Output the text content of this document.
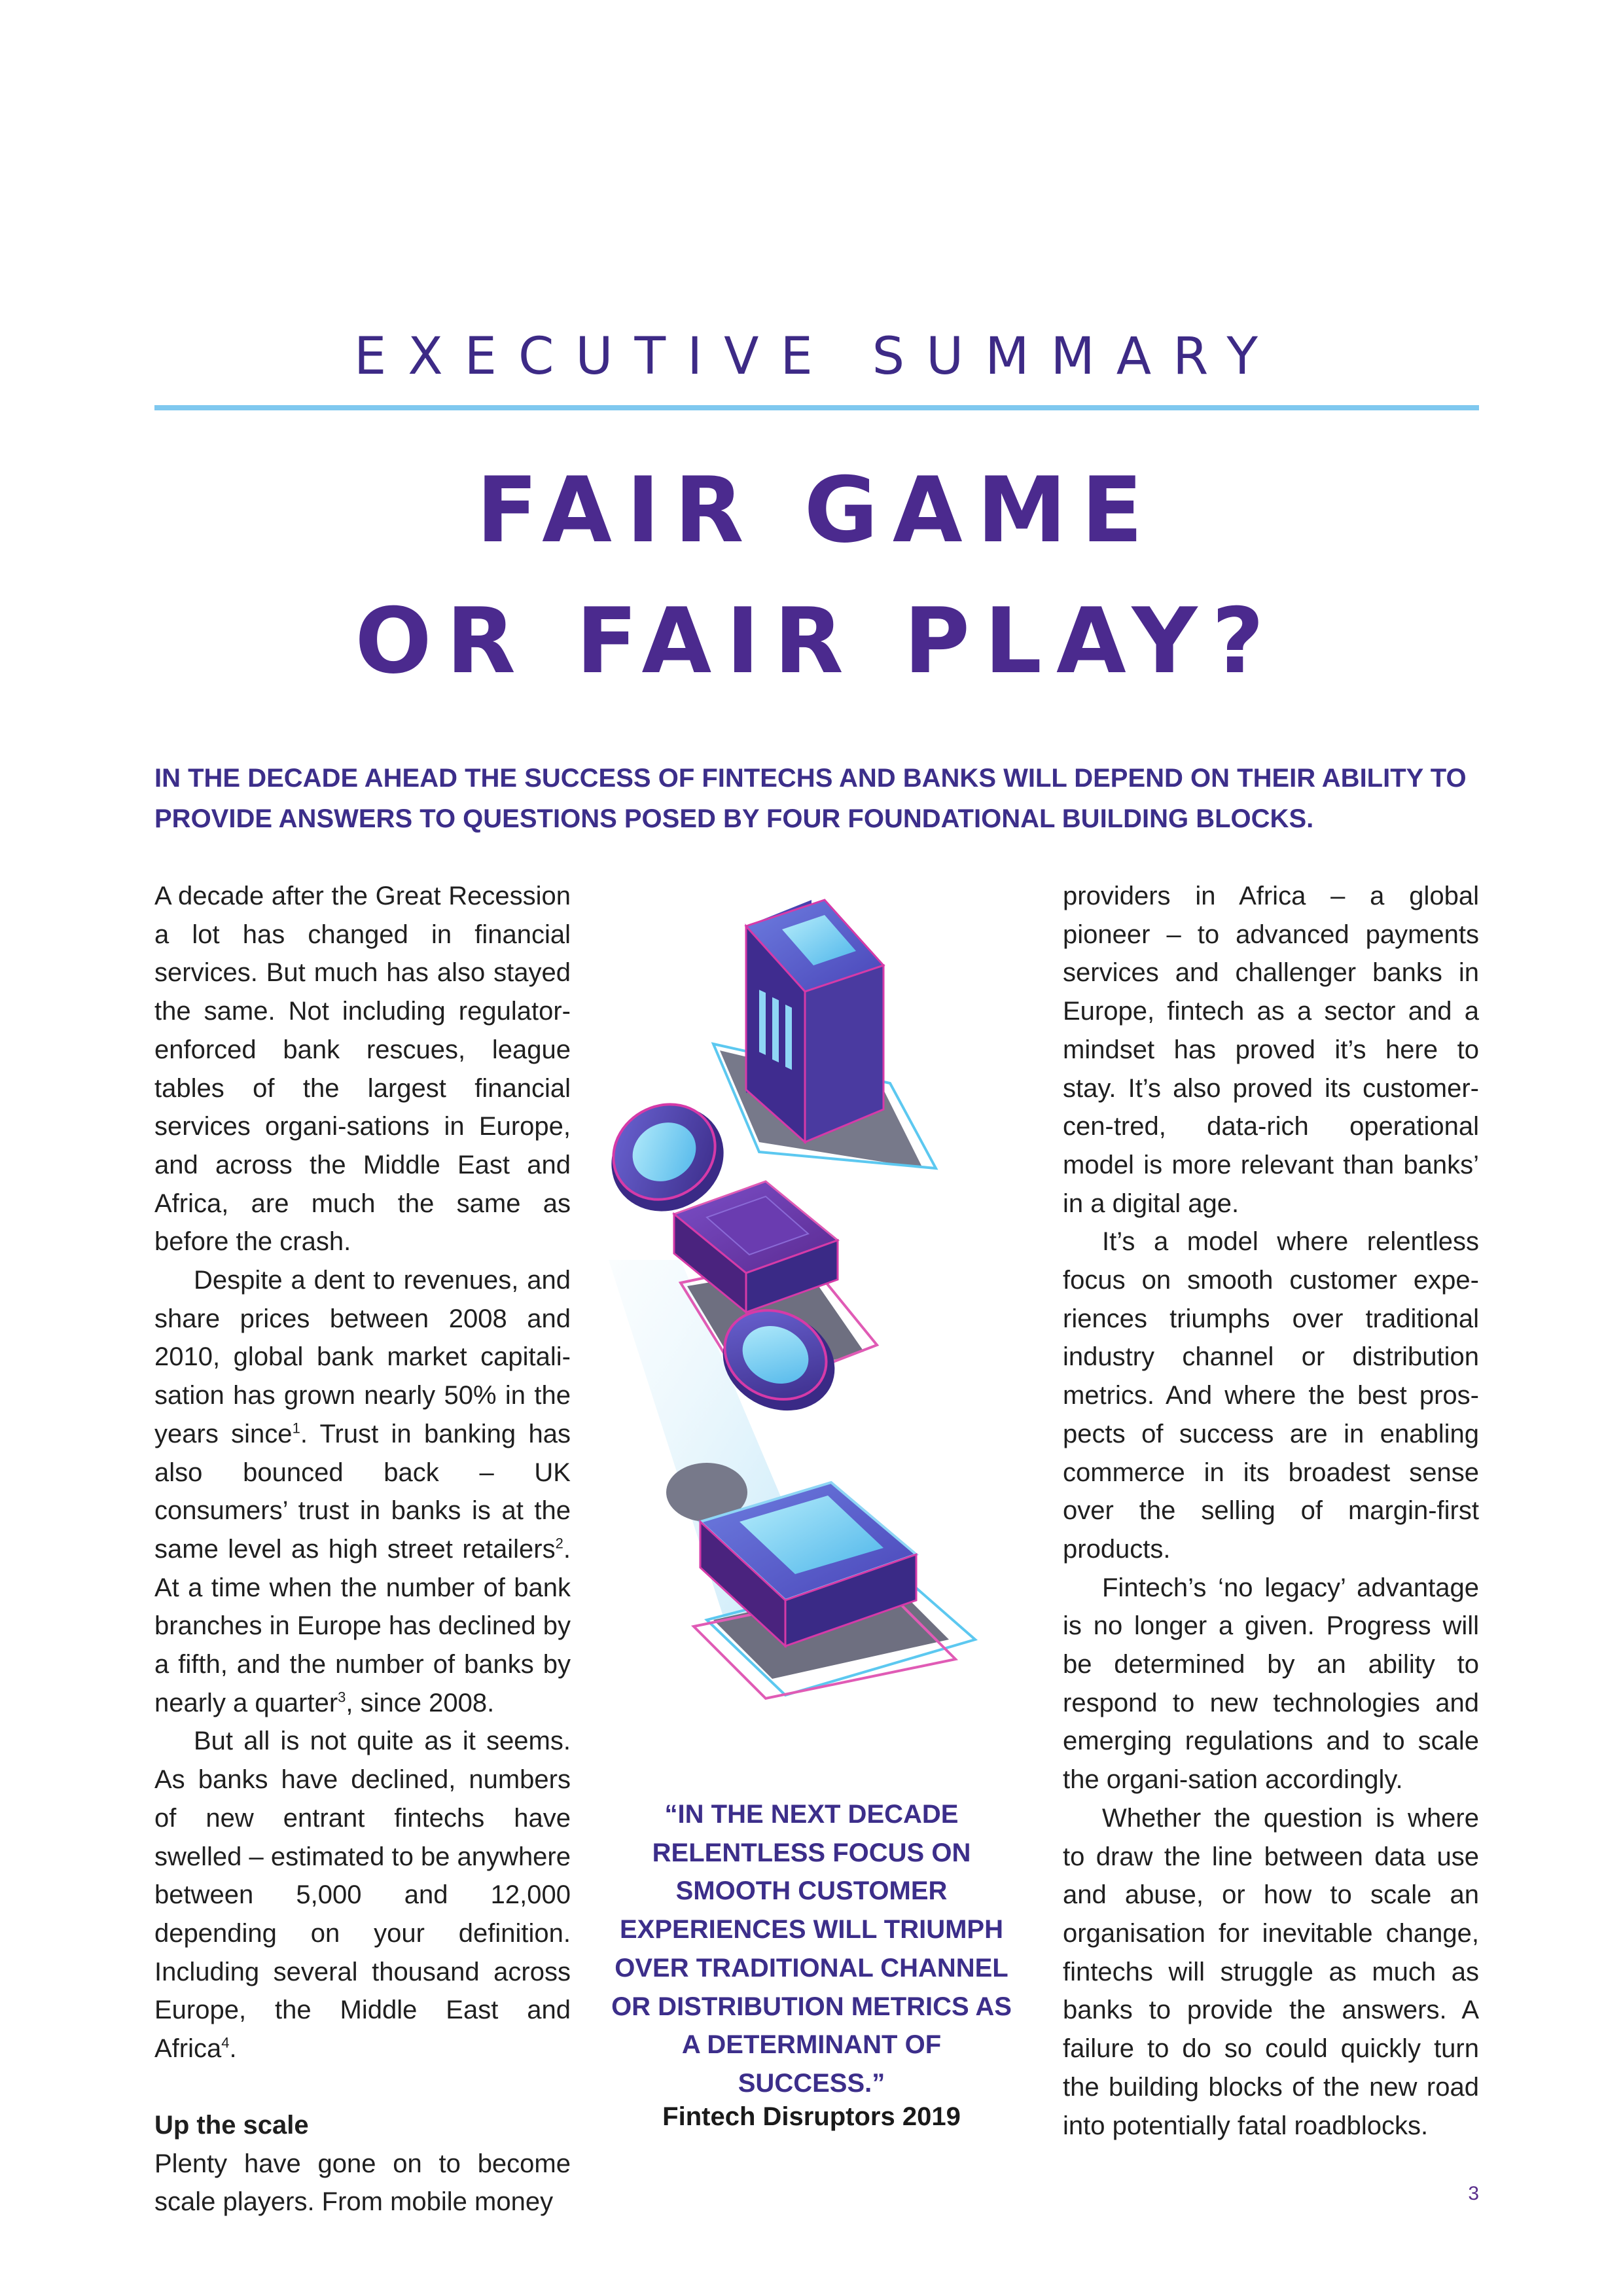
EXECUTIVE SUMMARY
FAIR GAME
OR FAIR PLAY?
IN THE DECADE AHEAD THE SUCCESS OF FINTECHS AND BANKS WILL DEPEND ON THEIR ABILITY TO
PROVIDE ANSWERS TO QUESTIONS POSED BY FOUR FOUNDATIONAL BUILDING BLOCKS.

A decade after the Great Recession a lot has changed in financial services. But much has also stayed the same. Not including regulator-enforced bank rescues, league tables of the largest financial services organi-sations in Europe, and across the Middle East and Africa, are much the same as before the crash.

Despite a dent to revenues, and share prices between 2008 and 2010, global bank market capitali-sation has grown nearly 50% in the years since$^1$. Trust in banking has also bounced back – UK consumers’ trust in banks is at the same level as high street retailers$^2$. At a time when the number of bank branches in Europe has declined by a fifth, and the number of banks by nearly a quarter$^3$, since 2008.

But all is not quite as it seems. As banks have declined, numbers of new entrant fintechs have swelled – estimated to be anywhere between 5,000 and 12,000 depending on your definition. Including several thousand across Europe, the Middle East and Africa$^4$.

Up the scale

Plenty have gone on to become scale players. From mobile money

“IN THE NEXT DECADE
RELENTLESS FOCUS ON
SMOOTH CUSTOMER
EXPERIENCES WILL TRIUMPH
OVER TRADITIONAL CHANNEL
OR DISTRIBUTION METRICS AS
A DETERMINANT OF SUCCESS.”
Fintech Disruptors 2019

providers in Africa – a global pioneer – to advanced payments services and challenger banks in Europe, fintech as a sector and a mindset has proved it’s here to stay. It’s also proved its customer-cen-tred, data-rich operational model is more relevant than banks’ in a digital age.

It’s a model where relentless focus on smooth customer expe-riences triumphs over traditional industry channel or distribution metrics. And where the best pros-pects of success are in enabling commerce in its broadest sense over the selling of margin-first products.

Fintech’s ‘no legacy’ advantage is no longer a given. Progress will be determined by an ability to respond to new technologies and emerging regulations and to scale the organi-sation accordingly.

Whether the question is where to draw the line between data use and abuse, or how to scale an organisation for inevitable change, fintechs will struggle as much as banks to provide the answers. A failure to do so could quickly turn the building blocks of the new road into potentially fatal roadblocks.

3
